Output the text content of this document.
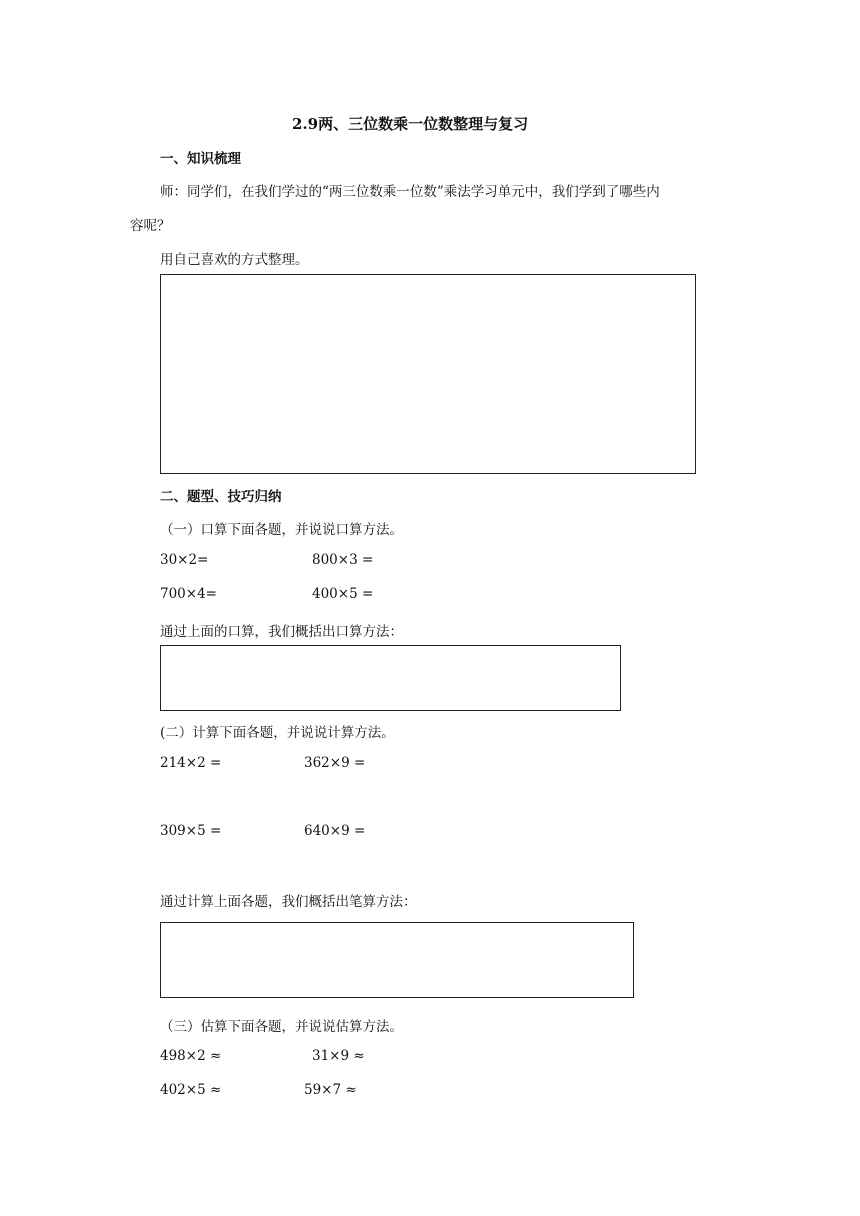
2.9两、三位数乘一位数整理与复习
一、知识梳理
师：同学们，在我们学过的“两三位数乘一位数”乘法学习单元中，我们学到了哪些内
容呢？
用自己喜欢的方式整理。
二、题型、技巧归纳
（一）口算下面各题，并说说口算方法。
30×2=	800×3 =
700×4=	400×5 =
通过上面的口算，我们概括出口算方法：
(二）计算下面各题，并说说计算方法。
214×2 =	362×9 =
309×5 =	640×9 =
通过计算上面各题，我们概括出笔算方法：
（三）估算下面各题，并说说估算方法。
498×2 ≈	31×9 ≈
402×5 ≈	59×7 ≈
